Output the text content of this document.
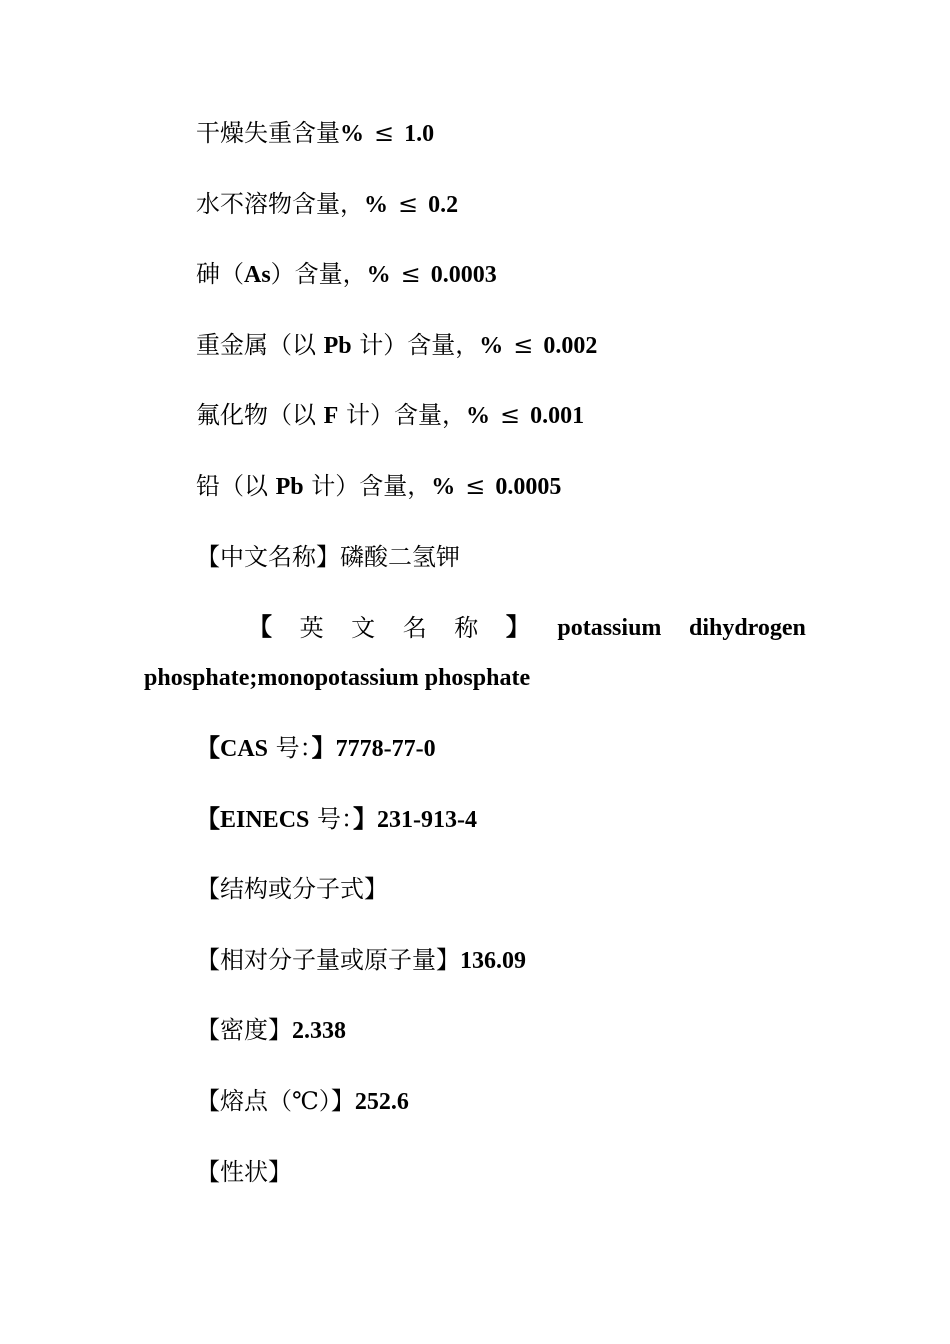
干燥失重含量% ≤ 1.0
水不溶物含量，% ≤ 0.2
砷（As）含量，% ≤ 0.0003
重金属（以 Pb 计）含量，% ≤ 0.002
氟化物（以 F 计）含量，% ≤ 0.001
铅（以 Pb 计）含量，% ≤ 0.0005
【中文名称】磷酸二氢钾
【 英 文 名 称 】 potassium dihydrogen
phosphate;monopotassium phosphate
【CAS 号：】7778-77-0
【EINECS 号：】231-913-4
【结构或分子式】
【相对分子量或原子量】136.09
【密度】2.338
【熔点（℃）】252.6
【性状】
